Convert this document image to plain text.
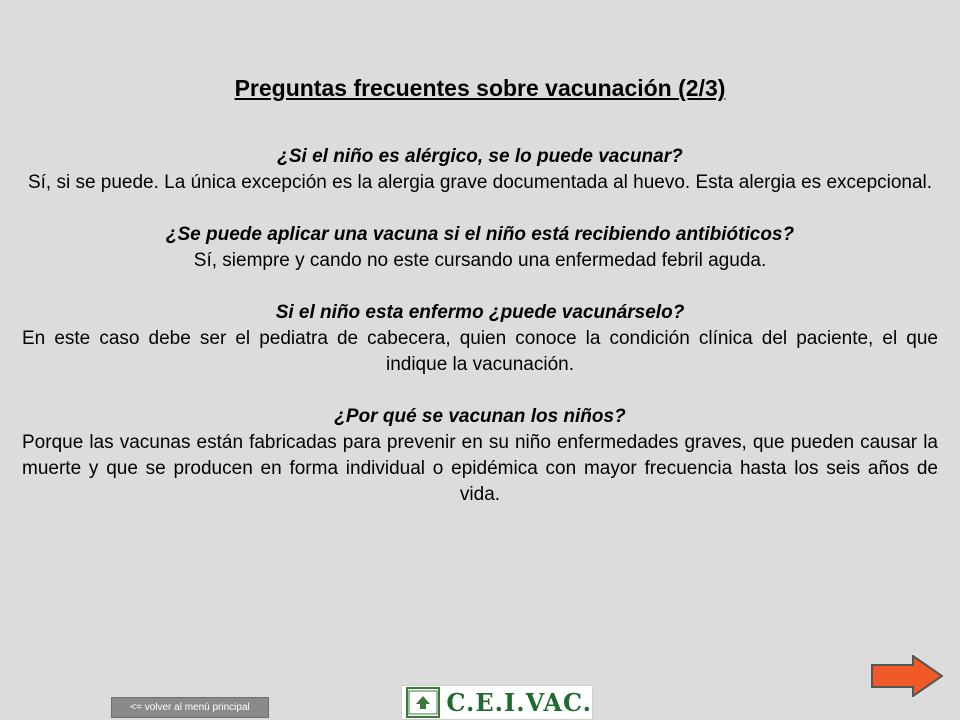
Preguntas frecuentes sobre vacunación (2/3)
¿Si el niño es alérgico, se lo puede vacunar?
Sí, si se puede. La única excepción es la alergia grave documentada al huevo. Esta alergia es excepcional.
¿Se puede aplicar una vacuna si el niño está recibiendo antibióticos?
Sí, siempre y cando no este cursando una enfermedad febril aguda.
Si el niño esta enfermo ¿puede vacunárselo?
En este caso debe ser el pediatra de cabecera, quien conoce la condición clínica del paciente, el que indique la vacunación.
¿Por qué se vacunan los niños?
Porque las vacunas están fabricadas para prevenir en su niño enfermedades graves, que pueden causar la muerte y que se producen en forma individual o epidémica con mayor frecuencia hasta los seis años de vida.
<= volver al menú principal	C.E.I.VAC.
